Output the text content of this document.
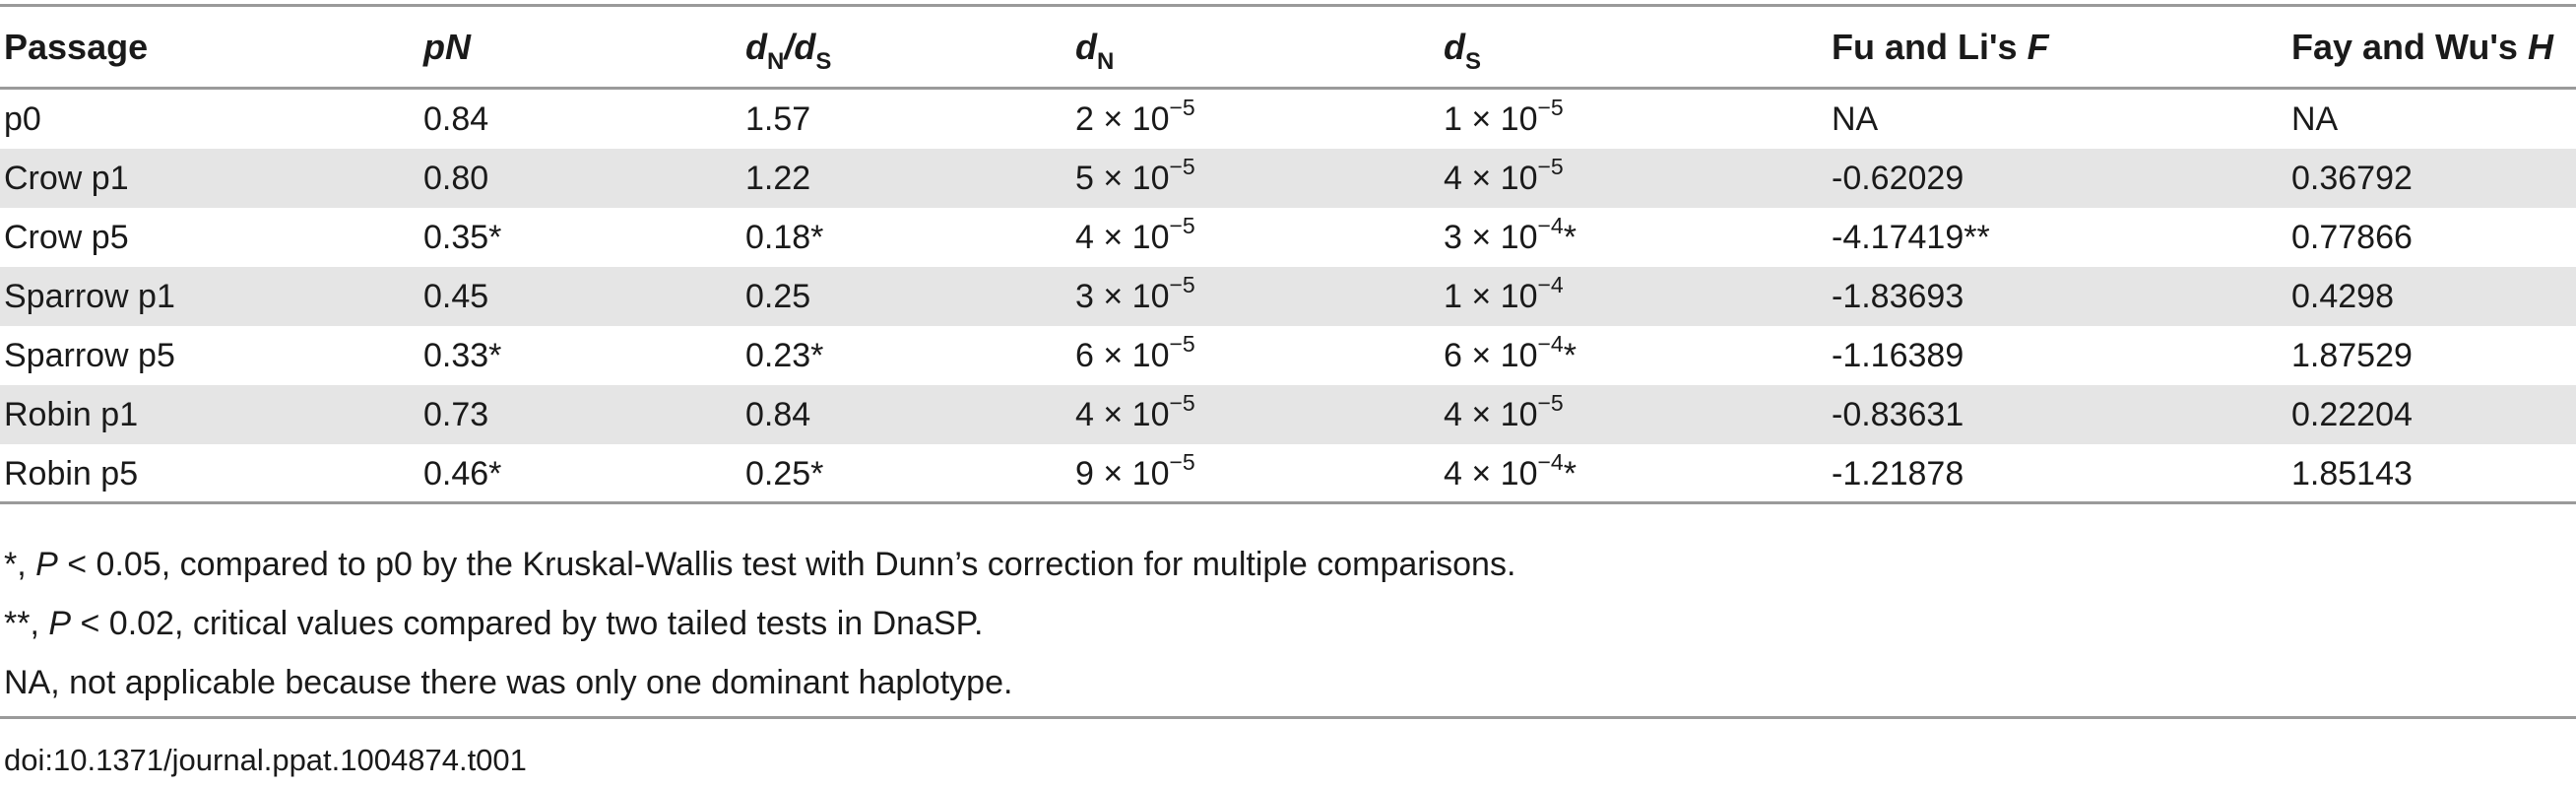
Passage	pN	$d_N/d_S$	$d_N$	$d_S$	Fu and Li's F	Fay and Wu's H
p0	0.84	1.57	$2 \times 10^{-5}$	$1 \times 10^{-5}$	NA	NA
Crow p1	0.80	1.22	$5 \times 10^{-5}$	$4 \times 10^{-5}$	-0.62029	0.36792
Crow p5	0.35*	0.18*	$4 \times 10^{-5}$	$3 \times 10^{-4}*$	-4.17419**	0.77866
Sparrow p1	0.45	0.25	$3 \times 10^{-5}$	$1 \times 10^{-4}$	-1.83693	0.4298
Sparrow p5	0.33*	0.23*	$6 \times 10^{-5}$	$6 \times 10^{-4}*$	-1.16389	1.87529
Robin p1	0.73	0.84	$4 \times 10^{-5}$	$4 \times 10^{-5}$	-0.83631	0.22204
Robin p5	0.46*	0.25*	$9 \times 10^{-5}$	$4 \times 10^{-4}*$	-1.21878	1.85143
*, P < 0.05, compared to p0 by the Kruskal-Wallis test with Dunn’s correction for multiple comparisons.
**, P < 0.02, critical values compared by two tailed tests in DnaSP.
NA, not applicable because there was only one dominant haplotype.
doi:10.1371/journal.ppat.1004874.t001
